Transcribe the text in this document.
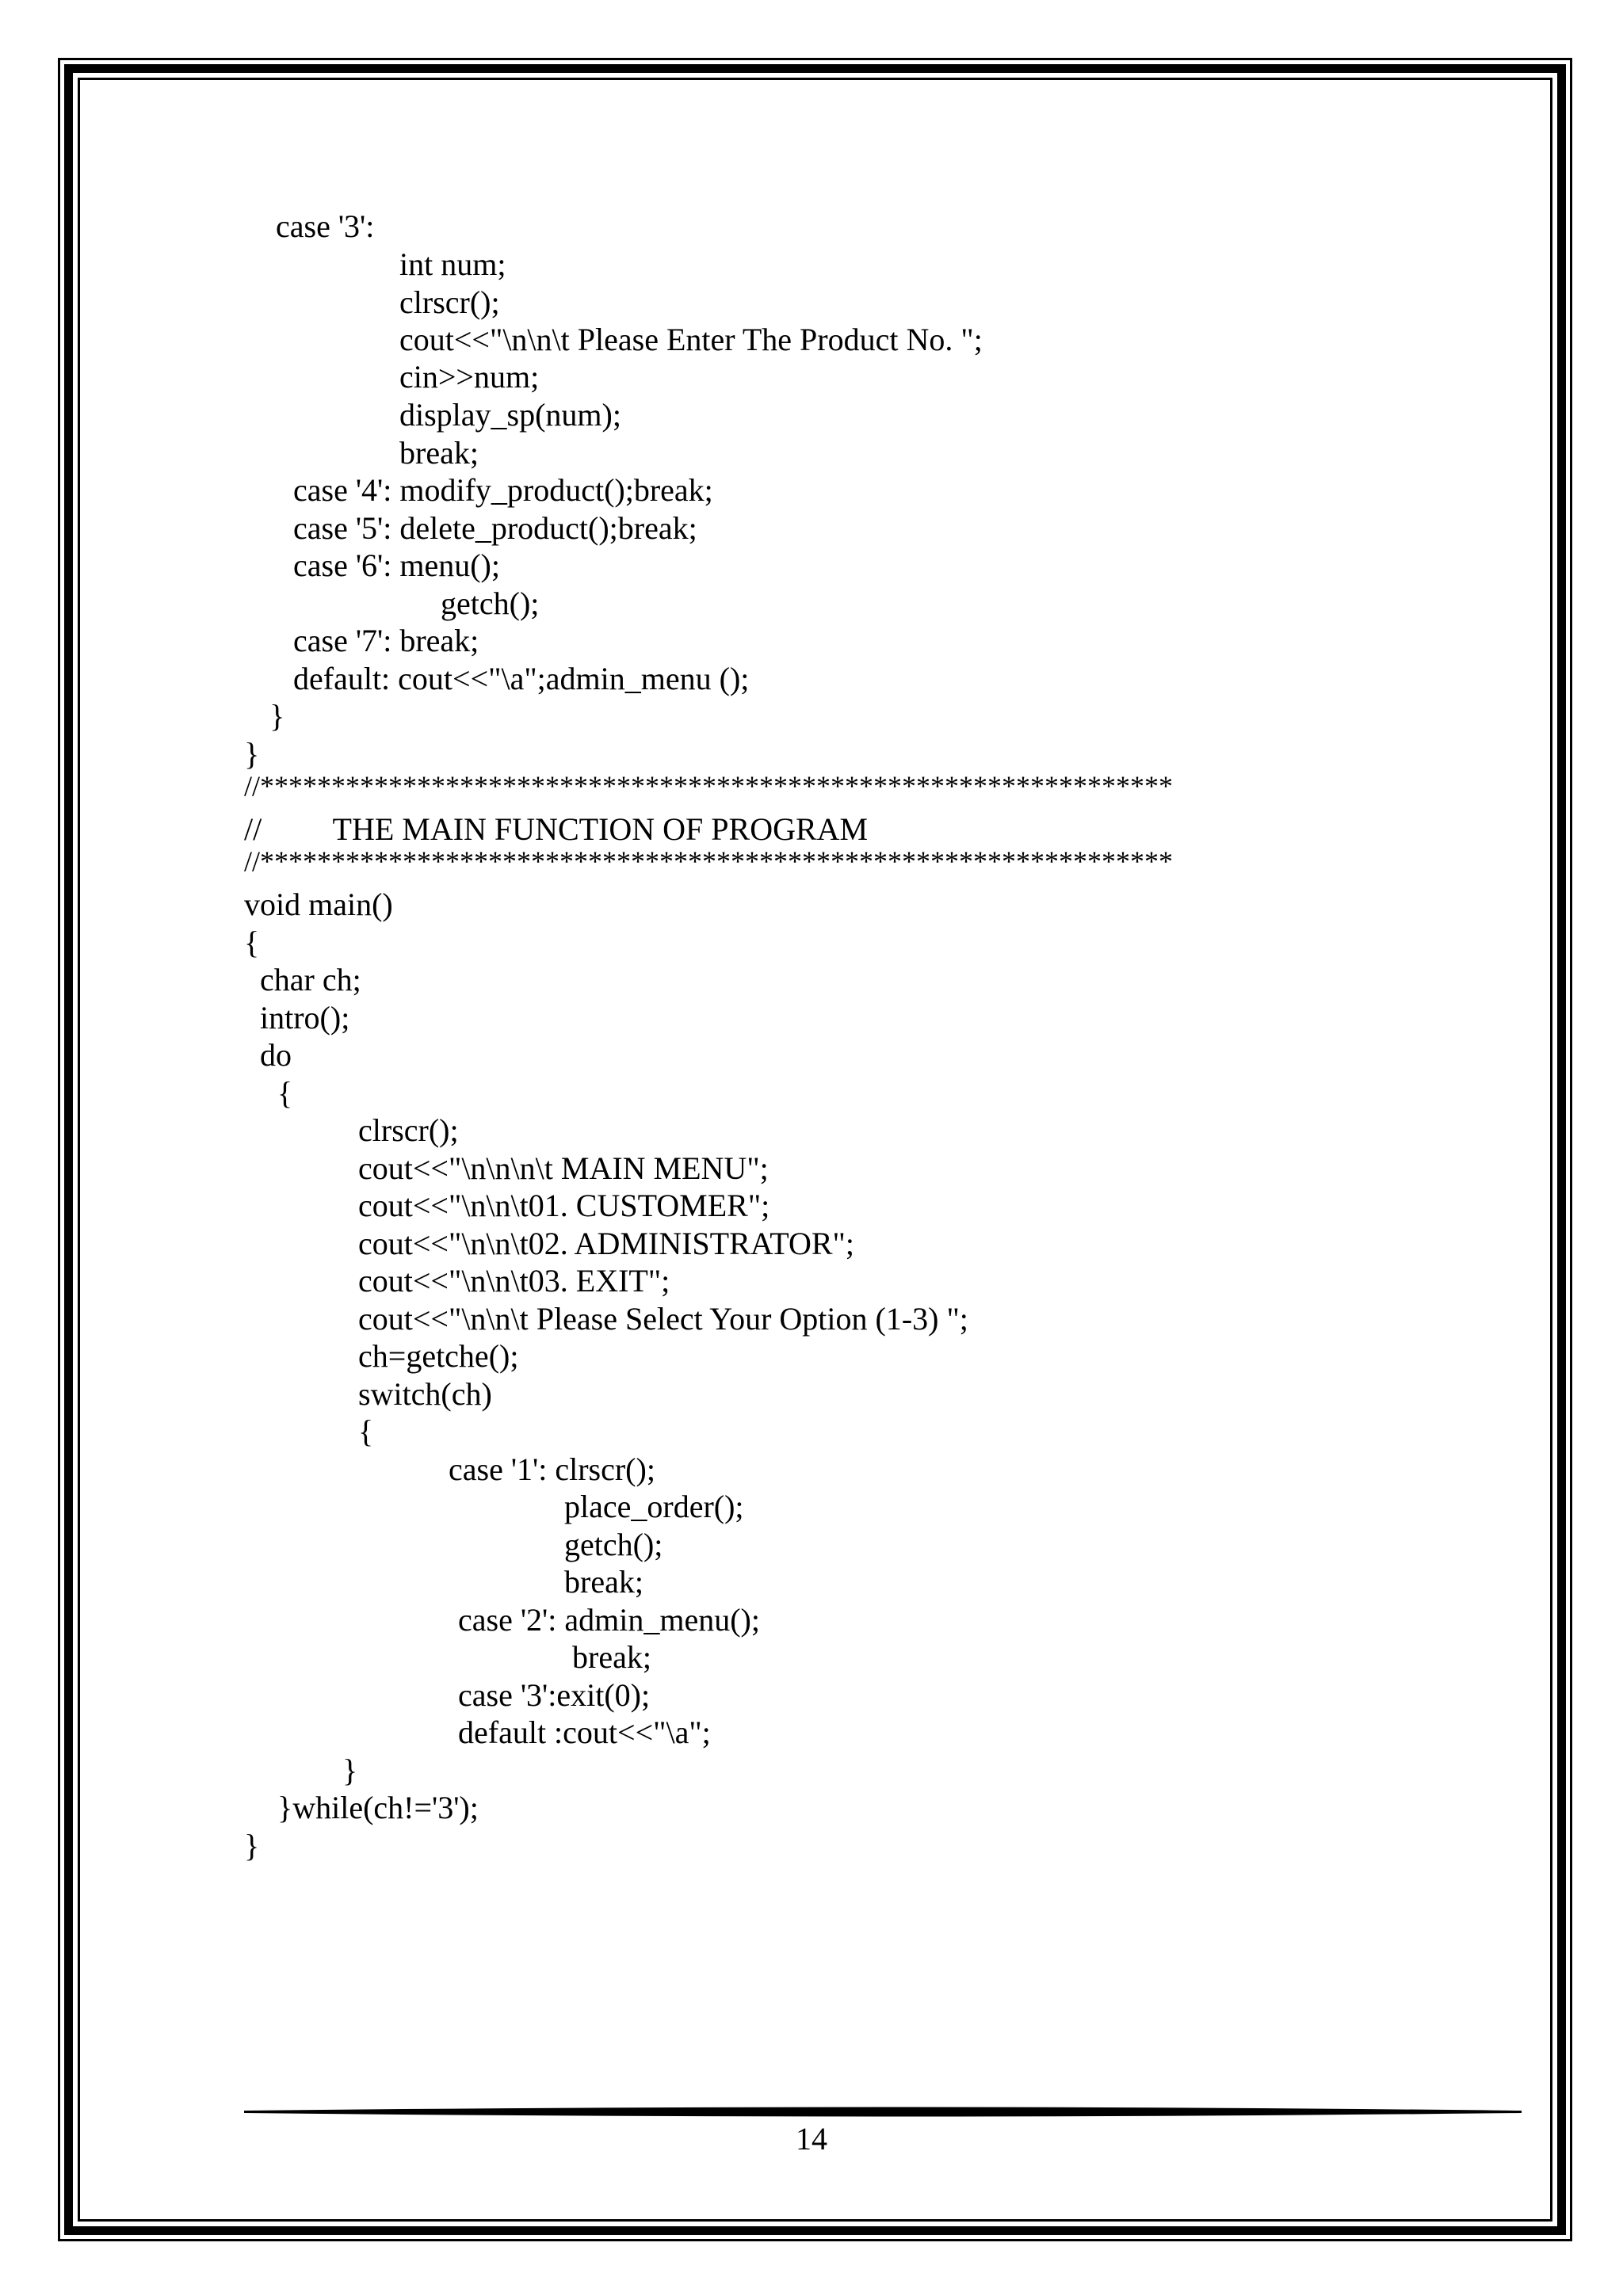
case '3':
int num;
clrscr();
cout<<"\n\n\t Please Enter The Product No. ";
cin>>num;
display_sp(num);
break;
case '4': modify_product();break;
case '5': delete_product();break;
case '6': menu();
getch();
case '7': break;
default: cout<<"\a";admin_menu ();
}
}
//****************************************************************
//         THE MAIN FUNCTION OF PROGRAM
//****************************************************************
void main()
{
char ch;
intro();
do
{
clrscr();
cout<<"\n\n\n\t MAIN MENU";
cout<<"\n\n\t01. CUSTOMER";
cout<<"\n\n\t02. ADMINISTRATOR";
cout<<"\n\n\t03. EXIT";
cout<<"\n\n\t Please Select Your Option (1-3) ";
ch=getche();
switch(ch)
{
case '1': clrscr();
place_order();
getch();
break;
case '2': admin_menu();
break;
case '3':exit(0);
default :cout<<"\a";
}
}while(ch!='3');
}
14
